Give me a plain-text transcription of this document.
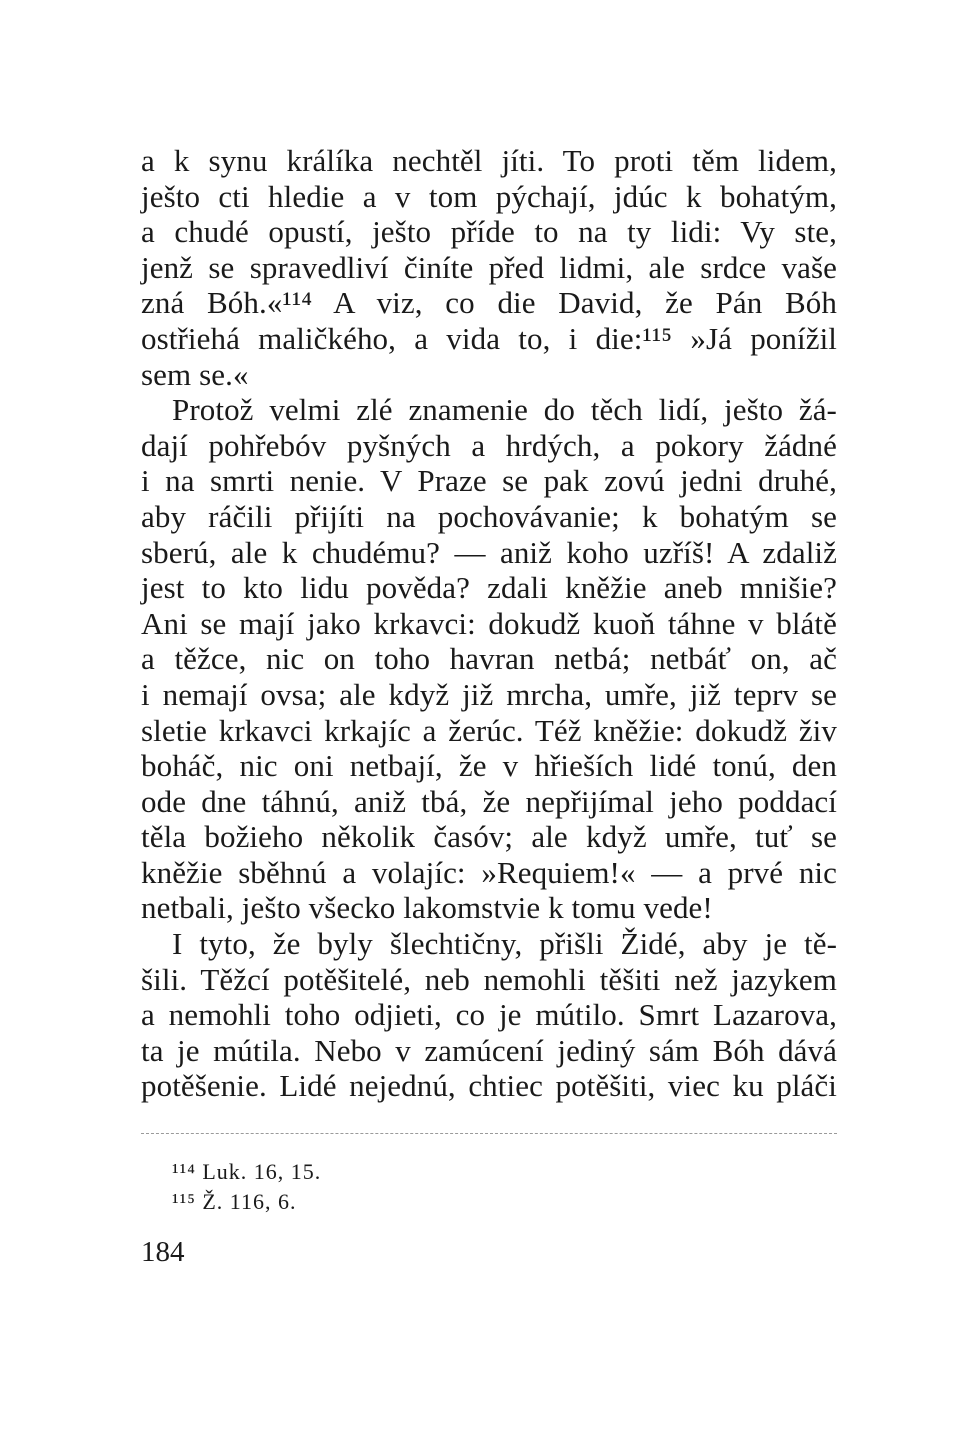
a k synu králíka nechtěl jíti. To proti těm lidem,
ješto cti hledie a v tom pýchají, jdúc k bohatým,
a chudé opustí, ješto příde to na ty lidi: Vy ste,
jenž se spravedliví činíte před lidmi, ale srdce vaše
zná Bóh.«¹¹⁴ A viz, co die David, že Pán Bóh
ostřiehá maličkého, a vida to, i die:¹¹⁵ »Já ponížil
sem se.«
Protož velmi zlé znamenie do těch lidí, ješto žá-
dají pohřebóv pyšných a hrdých, a pokory žádné
i na smrti nenie. V Praze se pak zovú jedni druhé,
aby ráčili přijíti na pochovávanie; k bohatým se
sberú, ale k chudému? — aniž koho uzříš! A zdaliž
jest to kto lidu pověda? zdali kněžie aneb mnišie?
Ani se mají jako krkavci: dokudž kuoň táhne v blátě
a těžce, nic on toho havran netbá; netbáť on, ač
i nemají ovsa; ale když již mrcha, umře, již teprv se
sletie krkavci krkajíc a žerúc. Též kněžie: dokudž živ
boháč, nic oni netbají, že v hřieších lidé tonú, den
ode dne táhnú, aniž tbá, že nepřijímal jeho poddací
těla božieho několik časóv; ale když umře, tuť se
kněžie sběhnú a volajíc: »Requiem!« — a prvé nic
netbali, ješto všecko lakomstvie k tomu vede!
I tyto, že byly šlechtičny, přišli Židé, aby je tě-
šili. Těžcí potěšitelé, neb nemohli těšiti než jazykem
a nemohli toho odjieti, co je mútilo. Smrt Lazarova,
ta je mútila. Nebo v zamúcení jediný sám Bóh dává
potěšenie. Lidé nejednú, chtiec potěšiti, viec ku pláči
¹¹⁴ Luk. 16, 15.
¹¹⁵ Ž. 116, 6.
184
